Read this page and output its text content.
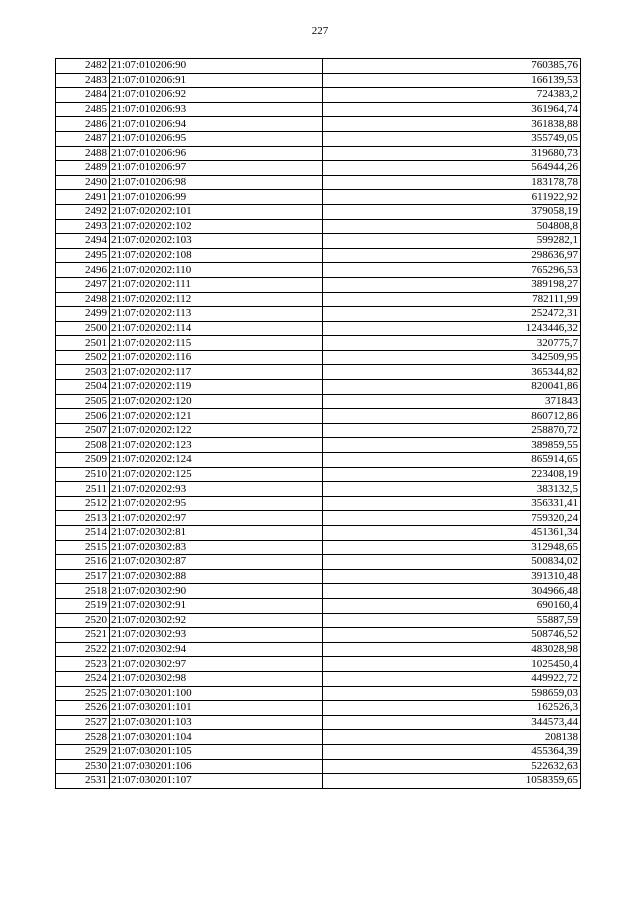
227
2482	21:07:010206:90	760385,76
2483	21:07:010206:91	166139,53
2484	21:07:010206:92	724383,2
2485	21:07:010206:93	361964,74
2486	21:07:010206:94	361838,88
2487	21:07:010206:95	355749,05
2488	21:07:010206:96	319680,73
2489	21:07:010206:97	564944,26
2490	21:07:010206:98	183178,78
2491	21:07:010206:99	611922,92
2492	21:07:020202:101	379058,19
2493	21:07:020202:102	504808,8
2494	21:07:020202:103	599282,1
2495	21:07:020202:108	298636,97
2496	21:07:020202:110	765296,53
2497	21:07:020202:111	389198,27
2498	21:07:020202:112	782111,99
2499	21:07:020202:113	252472,31
2500	21:07:020202:114	1243446,32
2501	21:07:020202:115	320775,7
2502	21:07:020202:116	342509,95
2503	21:07:020202:117	365344,82
2504	21:07:020202:119	820041,86
2505	21:07:020202:120	371843
2506	21:07:020202:121	860712,86
2507	21:07:020202:122	258870,72
2508	21:07:020202:123	389859,55
2509	21:07:020202:124	865914,65
2510	21:07:020202:125	223408,19
2511	21:07:020202:93	383132,5
2512	21:07:020202:95	356331,41
2513	21:07:020202:97	759320,24
2514	21:07:020302:81	451361,34
2515	21:07:020302:83	312948,65
2516	21:07:020302:87	500834,02
2517	21:07:020302:88	391310,48
2518	21:07:020302:90	304966,48
2519	21:07:020302:91	690160,4
2520	21:07:020302:92	55887,59
2521	21:07:020302:93	508746,52
2522	21:07:020302:94	483028,98
2523	21:07:020302:97	1025450,4
2524	21:07:020302:98	449922,72
2525	21:07:030201:100	598659,03
2526	21:07:030201:101	162526,3
2527	21:07:030201:103	344573,44
2528	21:07:030201:104	208138
2529	21:07:030201:105	455364,39
2530	21:07:030201:106	522632,63
2531	21:07:030201:107	1058359,65
